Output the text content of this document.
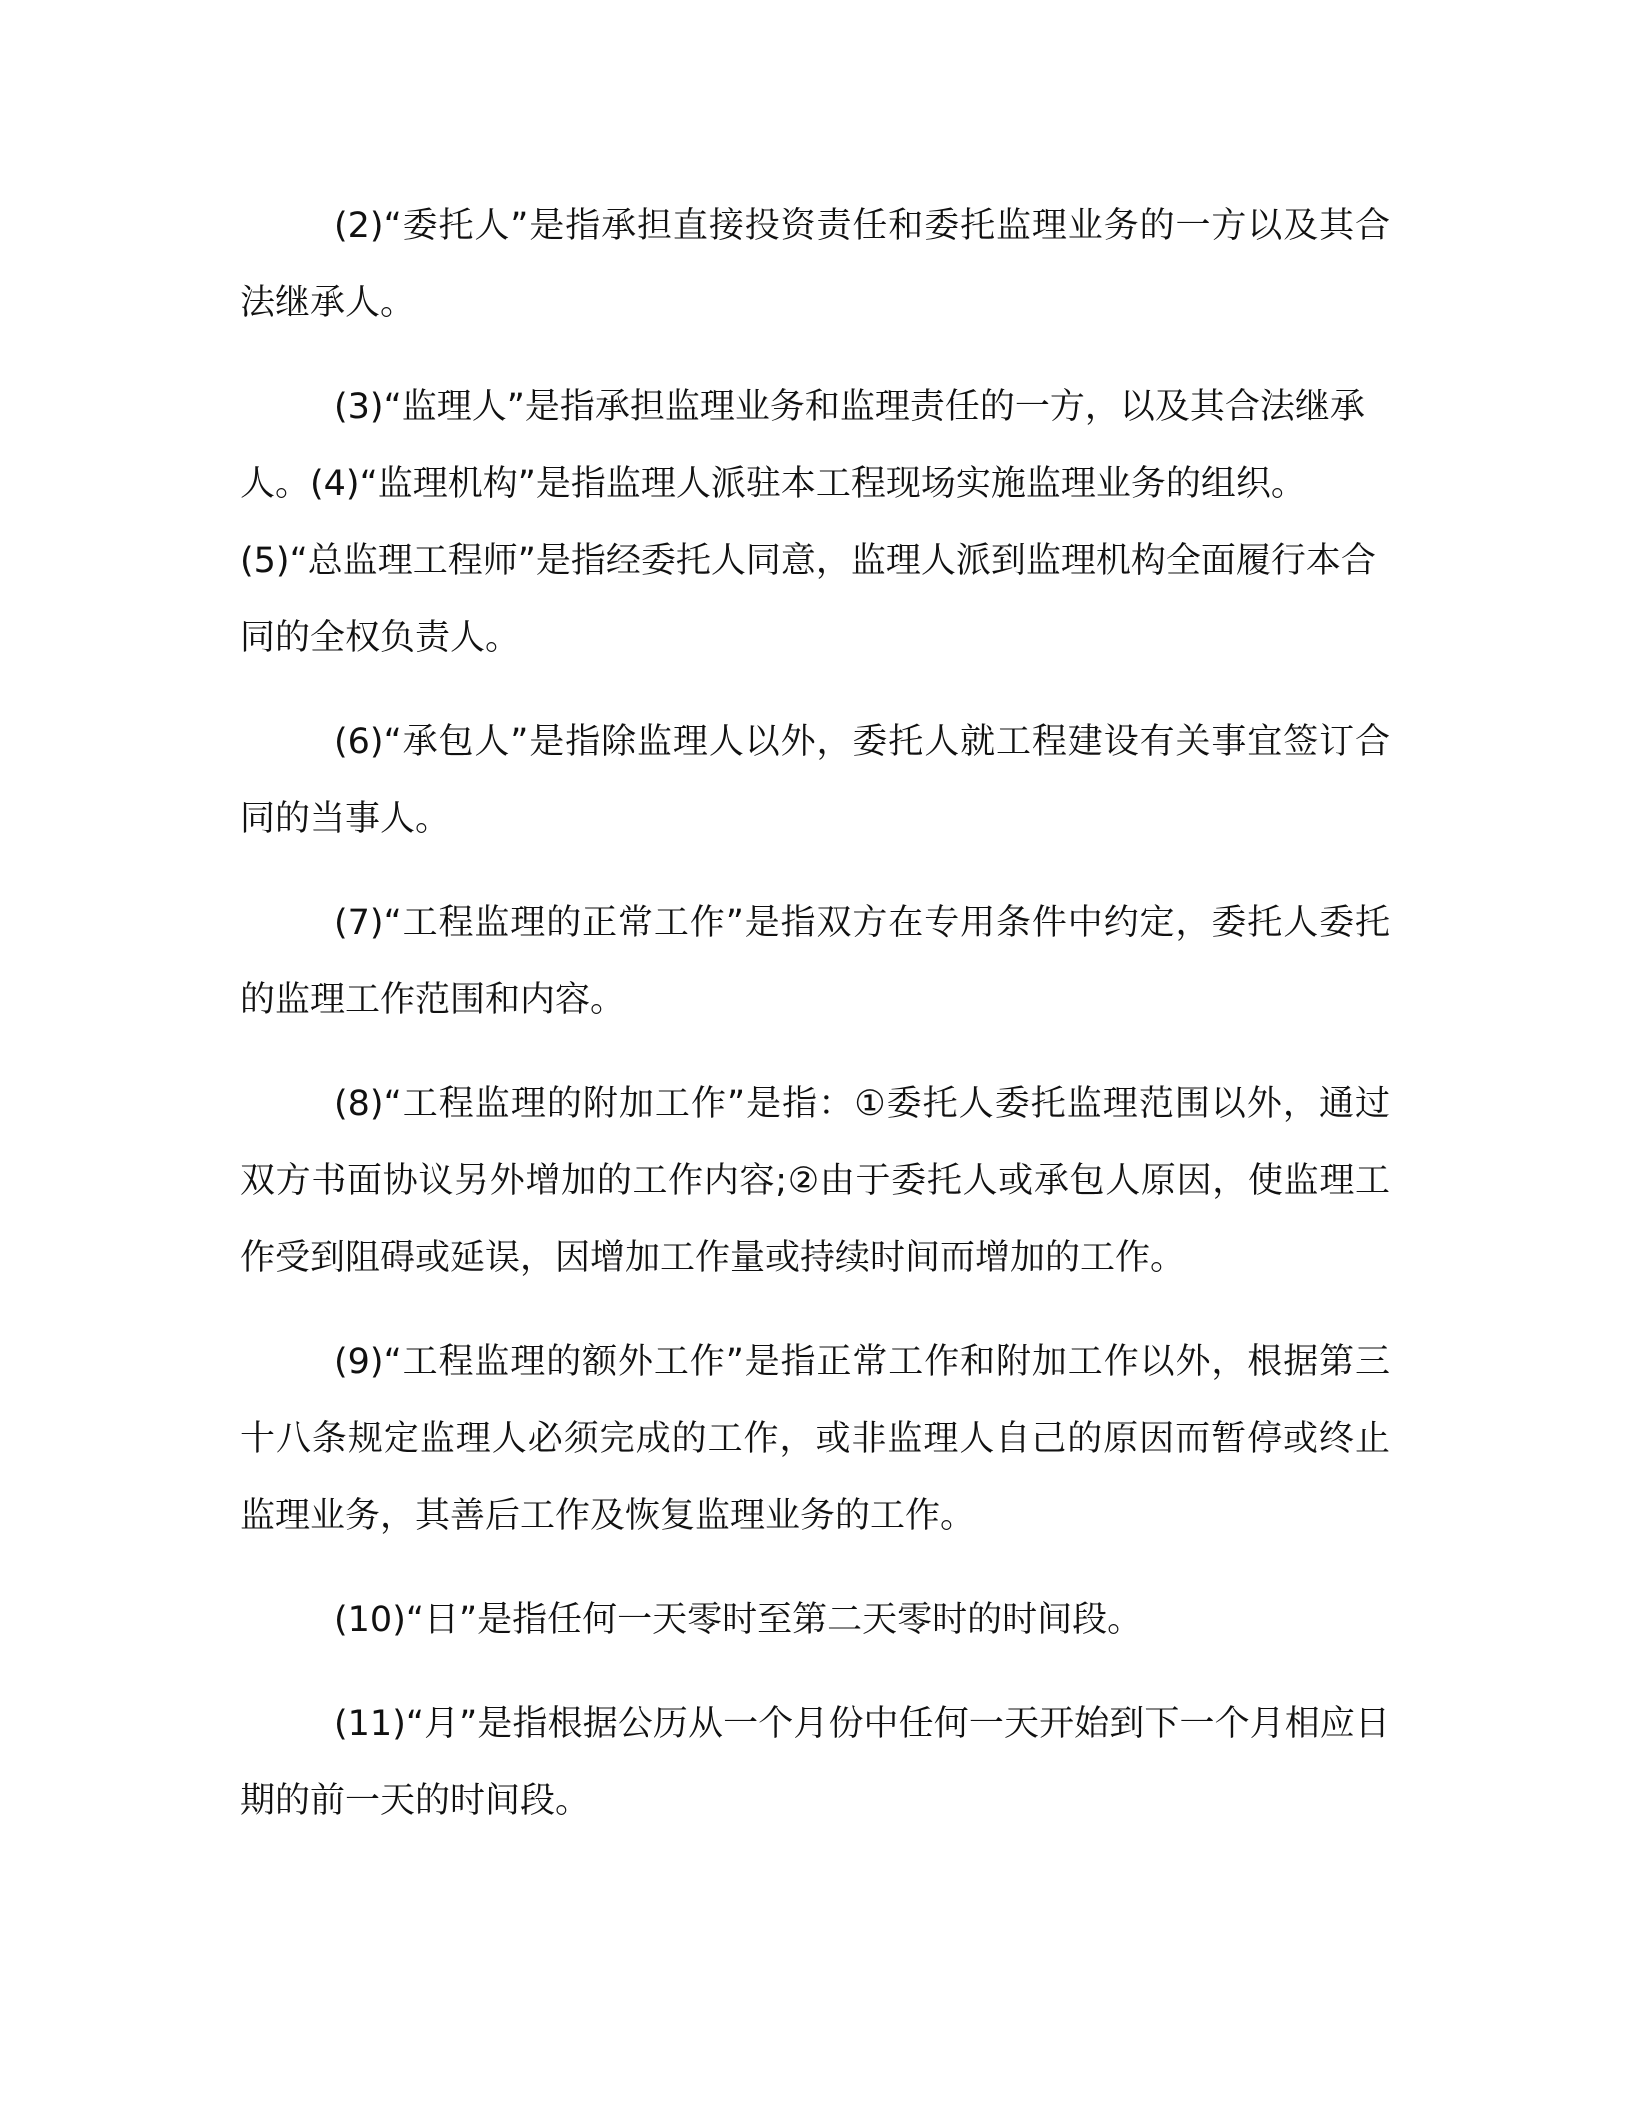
(2)“委托人”是指承担直接投资责任和委托监理业务的一方以及其合法继承人。

(3)“监理人”是指承担监理业务和监理责任的一方，以及其合法继承人。(4)“监理机构”是指监理人派驻本工程现场实施监理业务的组织。(5)“总监理工程师”是指经委托人同意，监理人派到监理机构全面履行本合同的全权负责人。

(6)“承包人”是指除监理人以外，委托人就工程建设有关事宜签订合同的当事人。

(7)“工程监理的正常工作”是指双方在专用条件中约定，委托人委托的监理工作范围和内容。

(8)“工程监理的附加工作”是指：①委托人委托监理范围以外，通过双方书面协议另外增加的工作内容;②由于委托人或承包人原因，使监理工作受到阻碍或延误，因增加工作量或持续时间而增加的工作。

(9)“工程监理的额外工作”是指正常工作和附加工作以外，根据第三十八条规定监理人必须完成的工作，或非监理人自己的原因而暂停或终止监理业务，其善后工作及恢复监理业务的工作。

(10)“日”是指任何一天零时至第二天零时的时间段。

(11)“月”是指根据公历从一个月份中任何一天开始到下一个月相应日期的前一天的时间段。
